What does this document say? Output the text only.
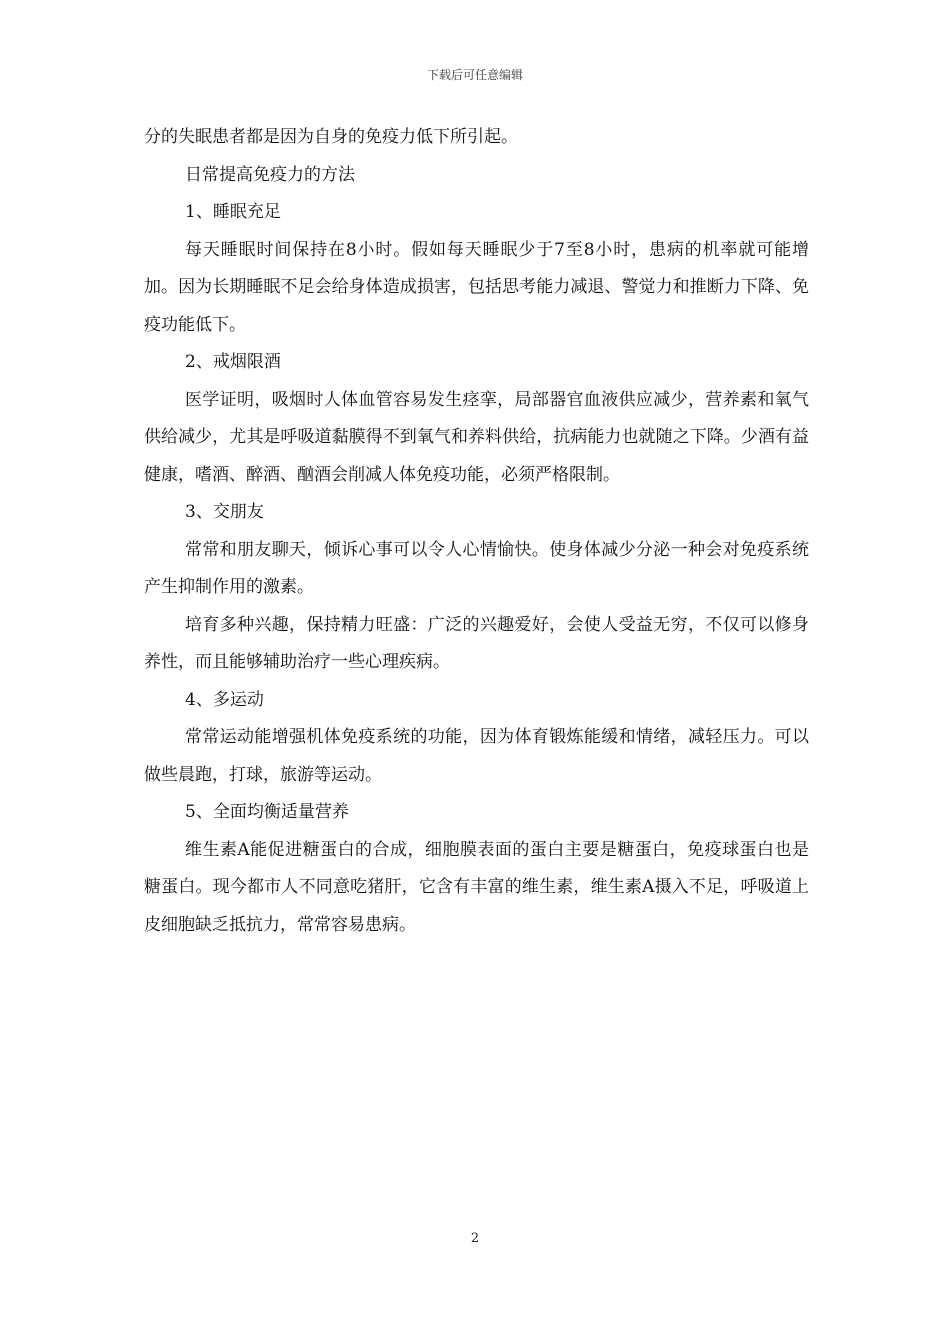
下载后可任意编辑

分的失眠患者都是因为自身的免疫力低下所引起。

日常提高免疫力的方法

1、睡眠充足

每天睡眠时间保持在8小时。假如每天睡眠少于7至8小时，患病的机率就可能增加。因为长期睡眠不足会给身体造成损害，包括思考能力减退、警觉力和推断力下降、免疫功能低下。

2、戒烟限酒

医学证明，吸烟时人体血管容易发生痉挛，局部器官血液供应减少，营养素和氧气供给减少，尤其是呼吸道黏膜得不到氧气和养料供给，抗病能力也就随之下降。少酒有益健康，嗜酒、醉酒、酗酒会削减人体免疫功能，必须严格限制。

3、交朋友

常常和朋友聊天，倾诉心事可以令人心情愉快。使身体减少分泌一种会对免疫系统产生抑制作用的激素。

培育多种兴趣，保持精力旺盛：广泛的兴趣爱好，会使人受益无穷，不仅可以修身养性，而且能够辅助治疗一些心理疾病。

4、多运动

常常运动能增强机体免疫系统的功能，因为体育锻炼能缓和情绪，减轻压力。可以做些晨跑，打球，旅游等运动。

5、全面均衡适量营养

维生素A能促进糖蛋白的合成，细胞膜表面的蛋白主要是糖蛋白，免疫球蛋白也是糖蛋白。现今都市人不同意吃猪肝，它含有丰富的维生素，维生素A摄入不足，呼吸道上皮细胞缺乏抵抗力，常常容易患病。

2
